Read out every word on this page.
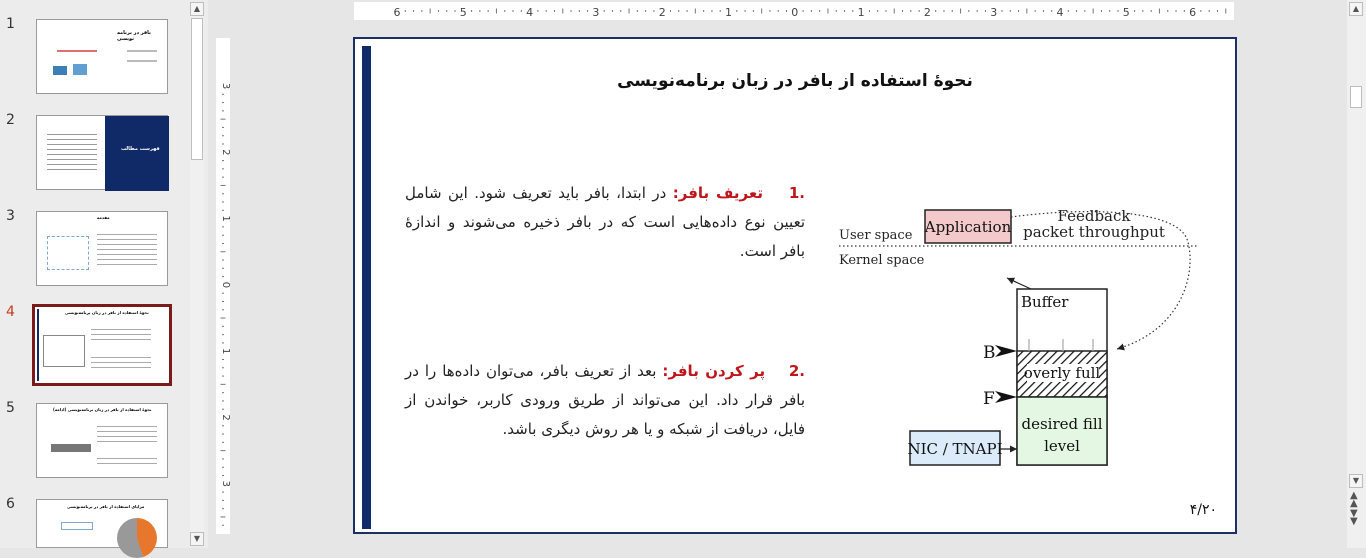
1
بافر در برنامه نویسی
2
فهرست مطالب
3	مقدمه
4	نحوهٔ استفاده از بافر در زبان برنامه‌نویسی
5	نحوهٔ استفاده از بافر در زبان برنامه‌نویسی (ادامه)
6	مزایای استفاده از بافر در برنامه‌نویسی
▲
▼
6	5	4	3	2	1	0	1	2	3	4	5	6
3
2
1
0
1
2
3
نحوهٔ استفاده از بافر در زبان برنامه‌نویسی
.1    تعریف بافر: در ابتدا، بافر باید تعریف شود. این شامل تعیین نوع داده‌هایی است که در بافر ذخیره می‌شوند و اندازهٔ بافر است.
.2    پر کردن بافر: بعد از تعریف بافر، می‌توان داده‌ها را در بافر قرار داد. این می‌تواند از طریق ورودی کاربر، خواندن از فایل، دریافت از شبکه و یا هر روش دیگری باشد.
User space
Kernel space
Application
Feedback
packet throughput
Buffer
overly full
desired fill
level
B
F
NIC / TNAPI
۴/۲۰
▲
▼
▲
▲
▼
▼
